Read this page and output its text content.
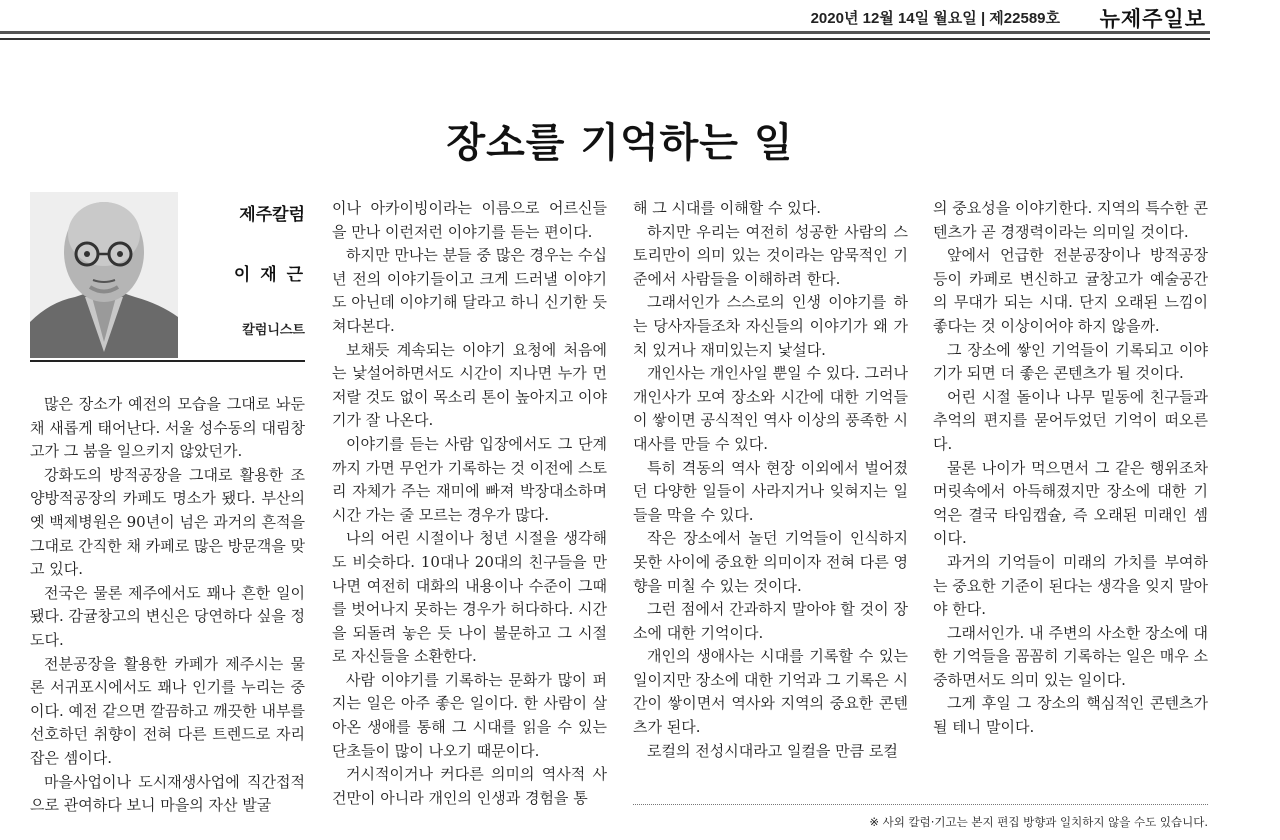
2020년 12월 14일 월요일 | 제22589호 뉴제주일보
장소를 기억하는 일
제주칼럼
이 재 근
칼럼니스트

많은 장소가 예전의 모습을 그대로 놔둔 채 새롭게 태어난다. 서울 성수동의 대림창고가 그 붐을 일으키지 않았던가.

강화도의 방적공장을 그대로 활용한 조양방적공장의 카페도 명소가 됐다. 부산의 옛 백제병원은 90년이 넘은 과거의 흔적을 그대로 간직한 채 카페로 많은 방문객을 맞고 있다.

전국은 물론 제주에서도 꽤나 흔한 일이 됐다. 감귤창고의 변신은 당연하다 싶을 정도다.

전분공장을 활용한 카페가 제주시는 물론 서귀포시에서도 꽤나 인기를 누리는 중이다. 예전 같으면 깔끔하고 깨끗한 내부를 선호하던 취향이 전혀 다른 트렌드로 자리 잡은 셈이다.

마을사업이나 도시재생사업에 직간접적으로 관여하다 보니 마을의 자산 발굴

이나 아카이빙이라는 이름으로 어르신들을 만나 이런저런 이야기를 듣는 편이다.

하지만 만나는 분들 중 많은 경우는 수십년 전의 이야기들이고 크게 드러낼 이야기도 아닌데 이야기해 달라고 하니 신기한 듯 쳐다본다.

보채듯 계속되는 이야기 요청에 처음에는 낯설어하면서도 시간이 지나면 누가 먼저랄 것도 없이 목소리 톤이 높아지고 이야기가 잘 나온다.

이야기를 듣는 사람 입장에서도 그 단계까지 가면 무언가 기록하는 것 이전에 스토리 자체가 주는 재미에 빠져 박장대소하며 시간 가는 줄 모르는 경우가 많다.

나의 어린 시절이나 청년 시절을 생각해도 비슷하다. 10대나 20대의 친구들을 만나면 여전히 대화의 내용이나 수준이 그때를 벗어나지 못하는 경우가 허다하다. 시간을 되돌려 놓은 듯 나이 불문하고 그 시절로 자신들을 소환한다.

사람 이야기를 기록하는 문화가 많이 퍼지는 일은 아주 좋은 일이다. 한 사람이 살아온 생애를 통해 그 시대를 읽을 수 있는 단초들이 많이 나오기 때문이다.

거시적이거나 커다른 의미의 역사적 사건만이 아니라 개인의 인생과 경험을 통

해 그 시대를 이해할 수 있다.

하지만 우리는 여전히 성공한 사람의 스토리만이 의미 있는 것이라는 암묵적인 기준에서 사람들을 이해하려 한다.

그래서인가 스스로의 인생 이야기를 하는 당사자들조차 자신들의 이야기가 왜 가치 있거나 재미있는지 낯설다.

개인사는 개인사일 뿐일 수 있다. 그러나 개인사가 모여 장소와 시간에 대한 기억들이 쌓이면 공식적인 역사 이상의 풍족한 시대사를 만들 수 있다.

특히 격동의 역사 현장 이외에서 벌어졌던 다양한 일들이 사라지거나 잊혀지는 일들을 막을 수 있다.

작은 장소에서 놀던 기억들이 인식하지 못한 사이에 중요한 의미이자 전혀 다른 영향을 미칠 수 있는 것이다.

그런 점에서 간과하지 말아야 할 것이 장소에 대한 기억이다.

개인의 생애사는 시대를 기록할 수 있는 일이지만 장소에 대한 기억과 그 기록은 시간이 쌓이면서 역사와 지역의 중요한 콘텐츠가 된다.

로컬의 전성시대라고 일컬을 만큼 로컬

의 중요성을 이야기한다. 지역의 특수한 콘텐츠가 곧 경쟁력이라는 의미일 것이다.

앞에서 언급한 전분공장이나 방적공장 등이 카페로 변신하고 귤창고가 예술공간의 무대가 되는 시대. 단지 오래된 느낌이 좋다는 것 이상이어야 하지 않을까.

그 장소에 쌓인 기억들이 기록되고 이야기가 되면 더 좋은 콘텐츠가 될 것이다.

어린 시절 돌이나 나무 밑동에 친구들과 추억의 편지를 묻어두었던 기억이 떠오른다.

물론 나이가 먹으면서 그 같은 행위조차 머릿속에서 아득해졌지만 장소에 대한 기억은 결국 타임캡슐, 즉 오래된 미래인 셈이다.

과거의 기억들이 미래의 가치를 부여하는 중요한 기준이 된다는 생각을 잊지 말아야 한다.

그래서인가. 내 주변의 사소한 장소에 대한 기억들을 꼼꼼히 기록하는 일은 매우 소중하면서도 의미 있는 일이다.

그게 후일 그 장소의 핵심적인 콘텐츠가 될 테니 말이다.

※ 사외 칼럼·기고는 본지 편집 방향과 일치하지 않을 수도 있습니다.
